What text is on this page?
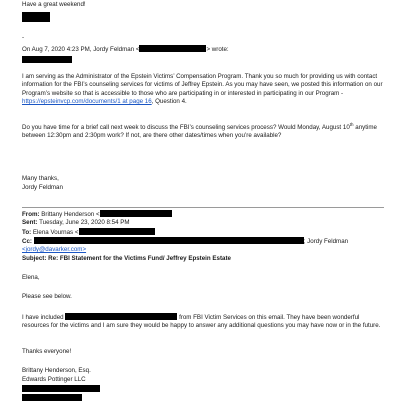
Have a great weekend!
-
On Aug 7, 2020 4:23 PM, Jordy Feldman <	> wrote:

I am serving as the Administrator of the Epstein Victims’ Compensation Program. Thank you so much for providing us with contact information for the FBI’s counseling services for victims of Jeffrey Epstein. As you may have seen, we posted this information on our Program’s website so that is accessible to those who are participating in or interested in participating in our Program - https://epsteinvcp.com/documents/1 at page 16, Question 4.

Do you have time for a brief call next week to discuss the FBI’s counseling services process? Would Monday, August 10th anytime between 12:30pm and 2:30pm work? If not, are there other dates/times when you’re available?

Many thanks,
Jordy Feldman
From: Brittany Henderson <
Sent: Tuesday, June 23, 2020 8:54 PM
To: Elena Vournas <
Cc:	; Jordy Feldman
<jordy@davarker.com>
Subject: Re: FBI Statement for the Victims Fund/ Jeffrey Epstein Estate
Elena,
Please see below.

I have included	from FBI Victim Services on this email. They have been wonderful resources for the victims and I am sure they would be happy to answer any additional questions you may have now or in the future.

Thanks everyone!
Brittany Henderson, Esq.
Edwards Pottinger LLC
